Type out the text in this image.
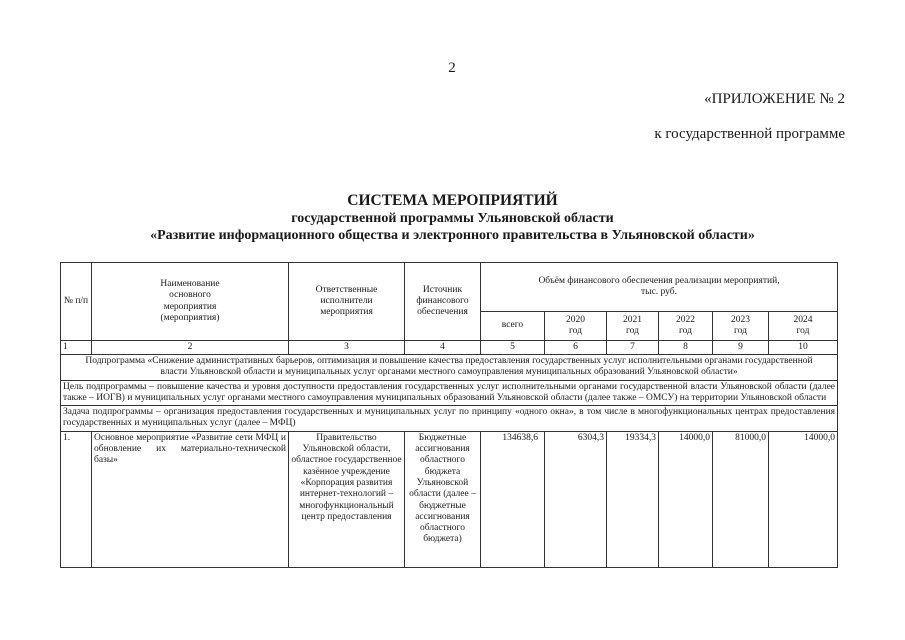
2
«ПРИЛОЖЕНИЕ № 2
к государственной программе
СИСТЕМА МЕРОПРИЯТИЙ
государственной программы Ульяновской области
«Развитие информационного общества и электронного правительства в Ульяновской области»
№ п/п	Наименование основного мероприятия (мероприятия)	Ответственные исполнители мероприятия	Источник финансового обеспечения	Объём финансового обеспечения реализации мероприятий, тыс. руб.					
				всего	2020 год	2021 год	2022 год	2023 год	2024 год
1	2	3	4	5	6	7	8	9	10
Подпрограмма «Снижение административных барьеров, оптимизация и повышение качества предоставления государственных услуг исполнительными органами государственной власти Ульяновской области и муниципальных услуг органами местного самоуправления муниципальных образований Ульяновской области»									
Цель подпрограммы – повышение качества и уровня доступности предоставления государственных услуг исполнительными органами государственной власти Ульяновской области (далее также – ИОГВ) и муниципальных услуг органами местного самоуправления муниципальных образований Ульяновской области (далее также – ОМСУ) на территории Ульяновской области									
Задача подпрограммы – организация предоставления государственных и муниципальных услуг по принципу «одного окна», в том числе в многофункциональных центрах предоставления государственных и муниципальных услуг (далее – МФЦ)									
1.	Основное мероприятие «Развитие сети МФЦ и обновление их материально-технической базы»	Правительство Ульяновской области, областное государственное казённое учреждение «Корпорация развития интернет-технологий – многофункциональный центр предоставления	Бюджетные ассигнования областного бюджета Ульяновской области (далее – бюджетные ассигнования областного бюджета)	134638,6	6304,3	19334,3	14000,0	81000,0	14000,0
